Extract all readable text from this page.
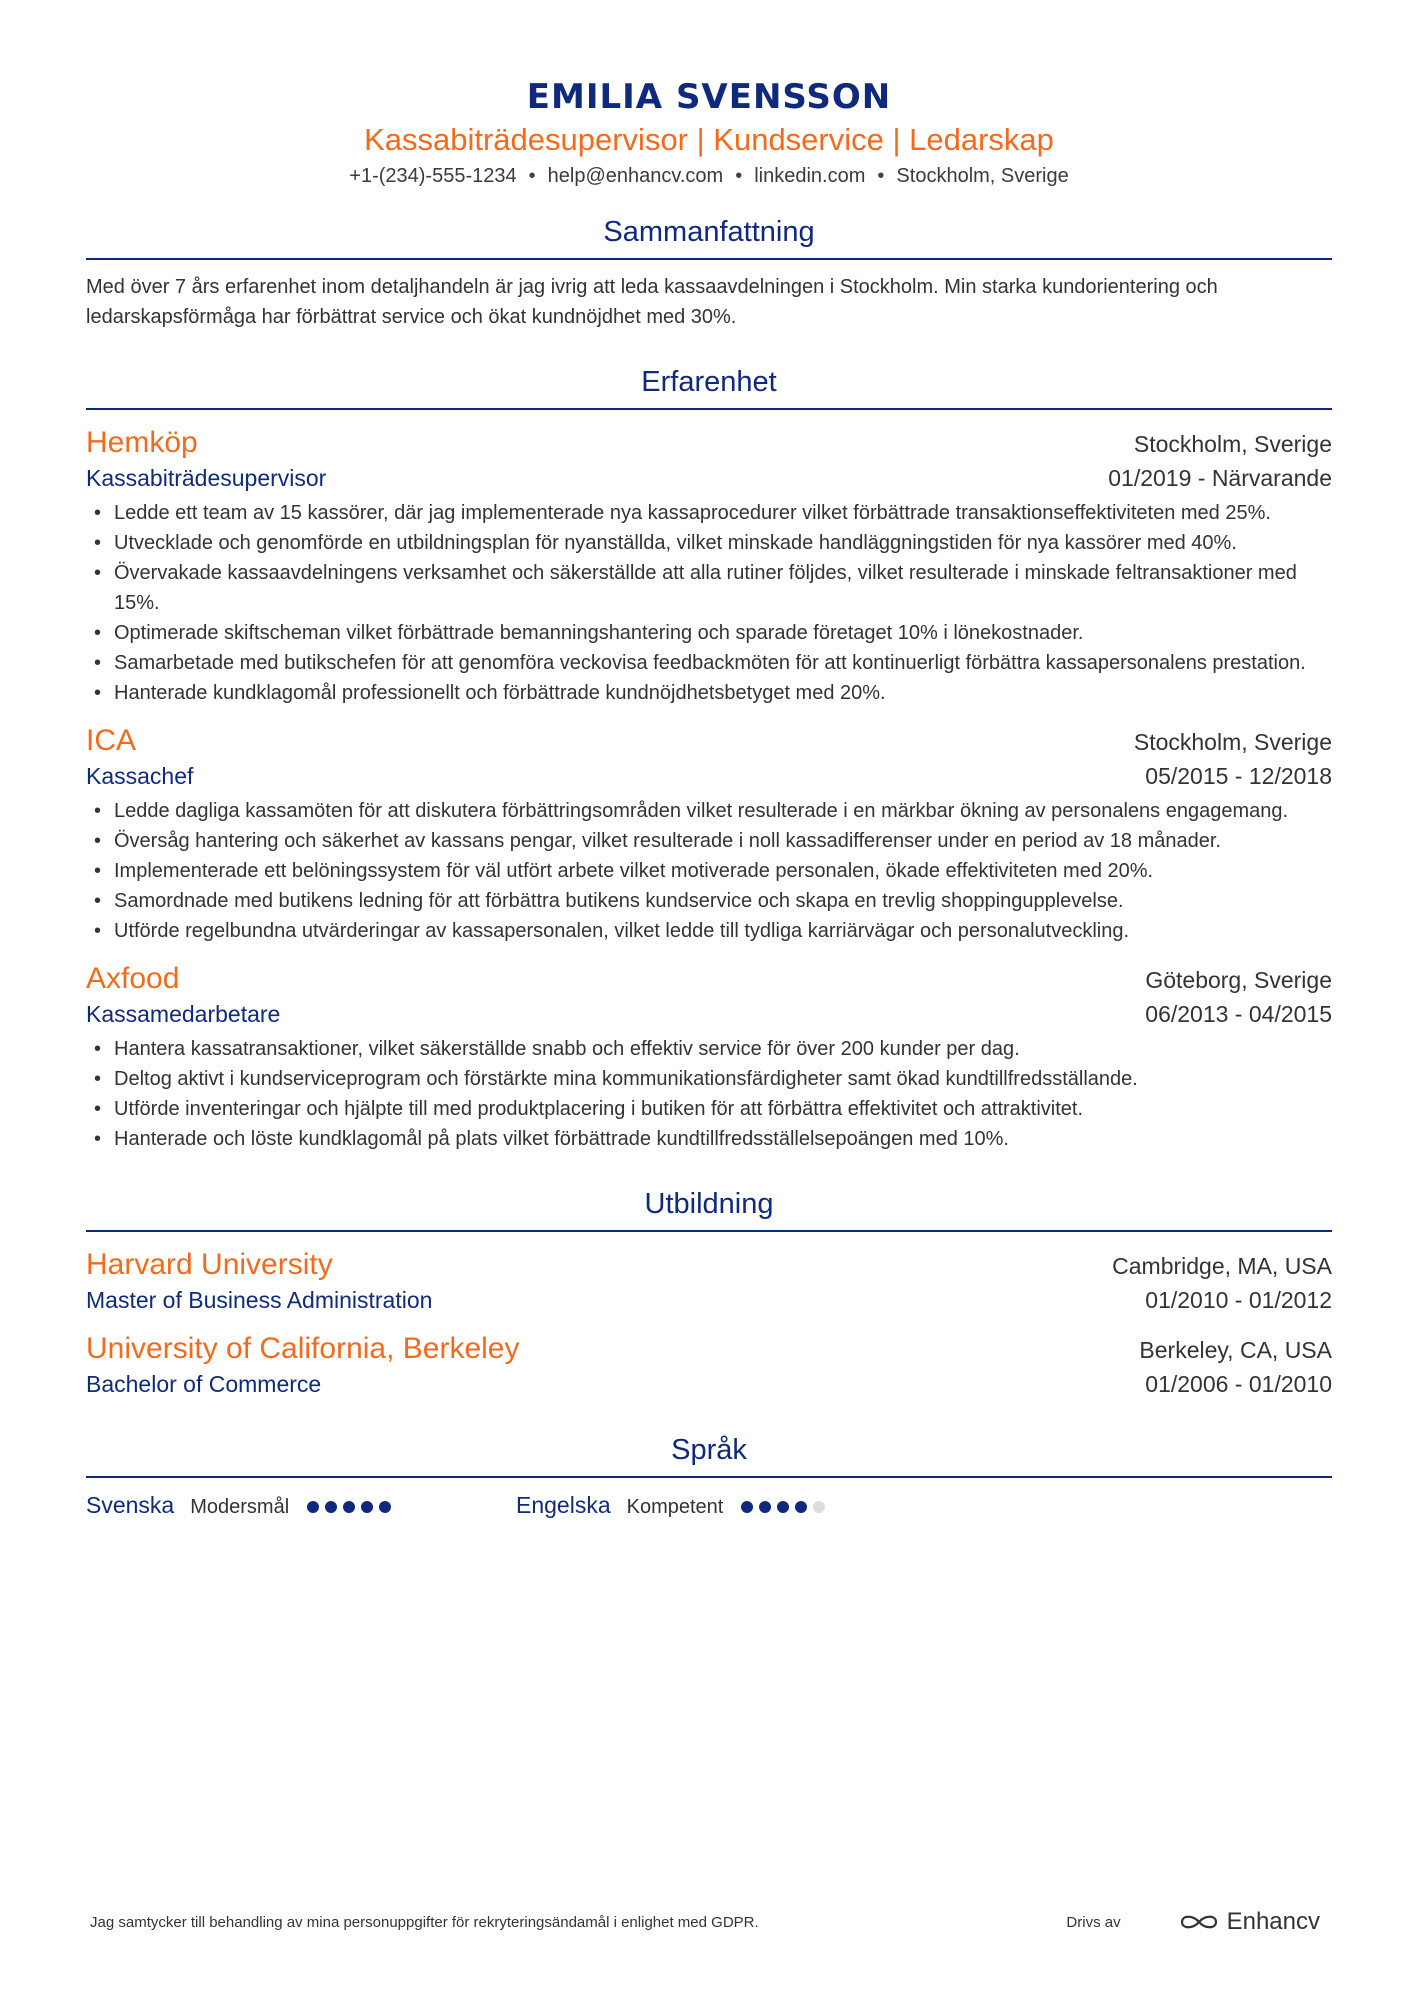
EMILIA SVENSSON
Kassabiträdesupervisor | Kundservice | Ledarskap
+1-(234)-555-1234 • help@enhancv.com • linkedin.com • Stockholm, Sverige
Sammanfattning
Med över 7 års erfarenhet inom detaljhandeln är jag ivrig att leda kassaavdelningen i Stockholm. Min starka kundorientering och ledarskapsförmåga har förbättrat service och ökat kundnöjdhet med 30%.
Erfarenhet
Hemköp	Stockholm, Sverige
Kassabiträdesupervisor	01/2019 - Närvarande
• Ledde ett team av 15 kassörer, där jag implementerade nya kassaprocedurer vilket förbättrade transaktionseffektiviteten med 25%.
• Utvecklade och genomförde en utbildningsplan för nyanställda, vilket minskade handläggningstiden för nya kassörer med 40%.
• Övervakade kassaavdelningens verksamhet och säkerställde att alla rutiner följdes, vilket resulterade i minskade feltransaktioner med 15%.
• Optimerade skiftscheman vilket förbättrade bemanningshantering och sparade företaget 10% i lönekostnader.
• Samarbetade med butikschefen för att genomföra veckovisa feedbackmöten för att kontinuerligt förbättra kassapersonalens prestation.
• Hanterade kundklagomål professionellt och förbättrade kundnöjdhetsbetyget med 20%.
ICA	Stockholm, Sverige
Kassachef	05/2015 - 12/2018
• Ledde dagliga kassamöten för att diskutera förbättringsområden vilket resulterade i en märkbar ökning av personalens engagemang.
• Översåg hantering och säkerhet av kassans pengar, vilket resulterade i noll kassadifferenser under en period av 18 månader.
• Implementerade ett belöningssystem för väl utfört arbete vilket motiverade personalen, ökade effektiviteten med 20%.
• Samordnade med butikens ledning för att förbättra butikens kundservice och skapa en trevlig shoppingupplevelse.
• Utförde regelbundna utvärderingar av kassapersonalen, vilket ledde till tydliga karriärvägar och personalutveckling.
Axfood	Göteborg, Sverige
Kassamedarbetare	06/2013 - 04/2015
• Hantera kassatransaktioner, vilket säkerställde snabb och effektiv service för över 200 kunder per dag.
• Deltog aktivt i kundserviceprogram och förstärkte mina kommunikationsfärdigheter samt ökad kundtillfredsställande.
• Utförde inventeringar och hjälpte till med produktplacering i butiken för att förbättra effektivitet och attraktivitet.
• Hanterade och löste kundklagomål på plats vilket förbättrade kundtillfredsställelsepoängen med 10%.
Utbildning
Harvard University	Cambridge, MA, USA
Master of Business Administration	01/2010 - 01/2012
University of California, Berkeley	Berkeley, CA, USA
Bachelor of Commerce	01/2006 - 01/2010
Språk
Svenska Modersmål	Engelska Kompetent
Jag samtycker till behandling av mina personuppgifter för rekryteringsändamål i enlighet med GDPR.	Drivs av	Enhancv
